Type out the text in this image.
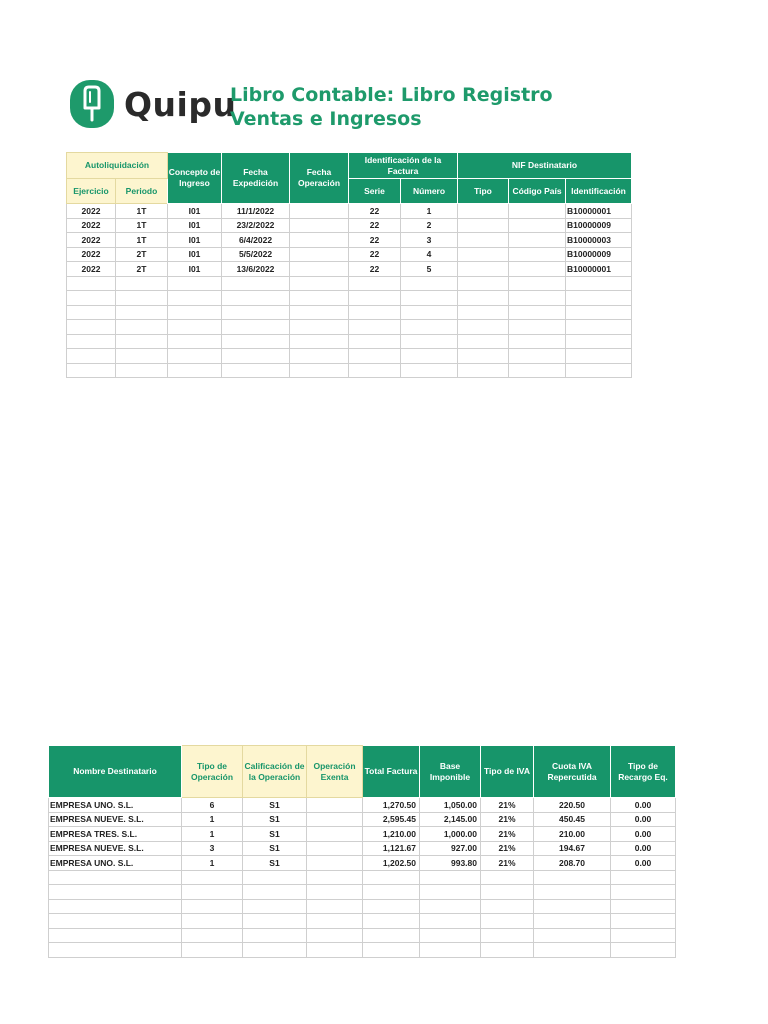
Quipu
Libro Contable: Libro Registro Ventas e Ingresos
Autoliquidación		Concepto de Ingreso	Fecha Expedición	Fecha Operación	Identificación de la Factura		NIF Destinatario		
Ejercicio	Periodo				Serie	Número	Tipo	Código País	Identificación
2022	1T	I01	11/1/2022		22	1			B10000001
2022	1T	I01	23/2/2022		22	2			B10000009
2022	1T	I01	6/4/2022		22	3			B10000003
2022	2T	I01	5/5/2022		22	4			B10000009
2022	2T	I01	13/6/2022		22	5			B10000001

Nombre Destinatario	Tipo de Operación	Calificación de la Operación	Operación Exenta	Total Factura	Base Imponible	Tipo de IVA	Cuota IVA Repercutida	Tipo de Recargo Eq.
EMPRESA UNO. S.L.	6	S1		1,270.50	1,050.00	21%	220.50	0.00
EMPRESA NUEVE. S.L.	1	S1		2,595.45	2,145.00	21%	450.45	0.00
EMPRESA TRES. S.L.	1	S1		1,210.00	1,000.00	21%	210.00	0.00
EMPRESA NUEVE. S.L.	3	S1		1,121.67	927.00	21%	194.67	0.00
EMPRESA UNO. S.L.	1	S1		1,202.50	993.80	21%	208.70	0.00
